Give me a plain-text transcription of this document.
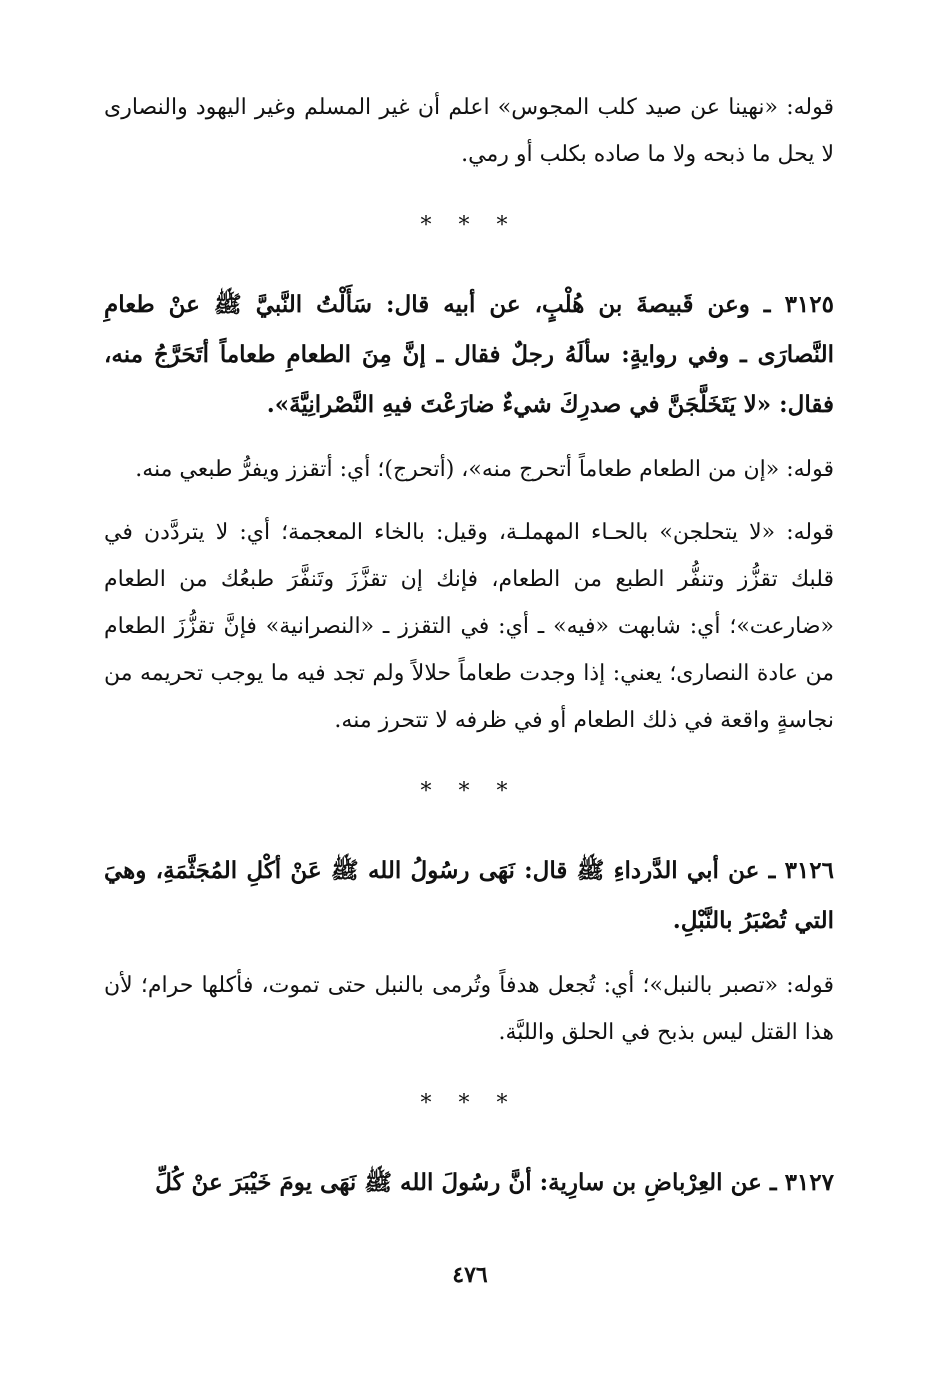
قوله: «نهينا عن صيد كلب المجوس» اعلم أن غير المسلم وغير اليهود والنصارى لا يحل ما ذبحه ولا ما صاده بكلب أو رمي.

* * *

٣١٢٥ ـ وعن قَبيصةَ بن هُلْبٍ، عن أبيه قال: سَأَلْتُ النَّبيَّ ﷺ عنْ طعامِ النَّصارَى ـ وفي روايةٍ: سألَهُ رجلٌ فقال ـ إنَّ مِنَ الطعامِ طعاماً أتَحَرَّجُ منه، فقال: «لا يَتَخَلَّجَنَّ في صدرِكَ شيءٌ ضارَعْتَ فيهِ النَّصْرانِيَّةَ».

قوله: «إن من الطعام طعاماً أتحرج منه»، (أتحرج)؛ أي: أتقزز ويفرُّ طبعي منه.

قوله: «لا يتحلجن» بالحـاء المهملـة، وقيل: بالخاء المعجمة؛ أي: لا يتردَّدن في قلبك تقزُّز وتنفُّر الطبع من الطعام، فإنك إن تقزَّزَ وتَنفَّرَ طبعُك من الطعام «ضارعت»؛ أي: شابهت «فيه» ـ أي: في التقزز ـ «النصرانية» فإنَّ تقزُّزَ الطعام من عادة النصارى؛ يعني: إذا وجدت طعاماً حلالاً ولم تجد فيه ما يوجب تحريمه من نجاسةٍ واقعة في ذلك الطعام أو في ظرفه لا تتحرز منه.

* * *

٣١٢٦ ـ عن أبي الدَّرداءِ ﷺ قال: نَهَى رسُولُ الله ﷺ عَنْ أكْلِ المُجَثَّمَةِ، وهيَ التي تُصْبَرُ بالنَّبْلِ.

قوله: «تصبر بالنبل»؛ أي: تُجعل هدفاً وتُرمى بالنبل حتى تموت، فأكلها حرام؛ لأن هذا القتل ليس بذبح في الحلق واللبَّة.

* * *

٣١٢٧ ـ عن العِرْباضِ بن سارِية: أنَّ رسُولَ الله ﷺ نَهَى يومَ خَيْبَرَ عنْ كُلِّ

٤٧٦
